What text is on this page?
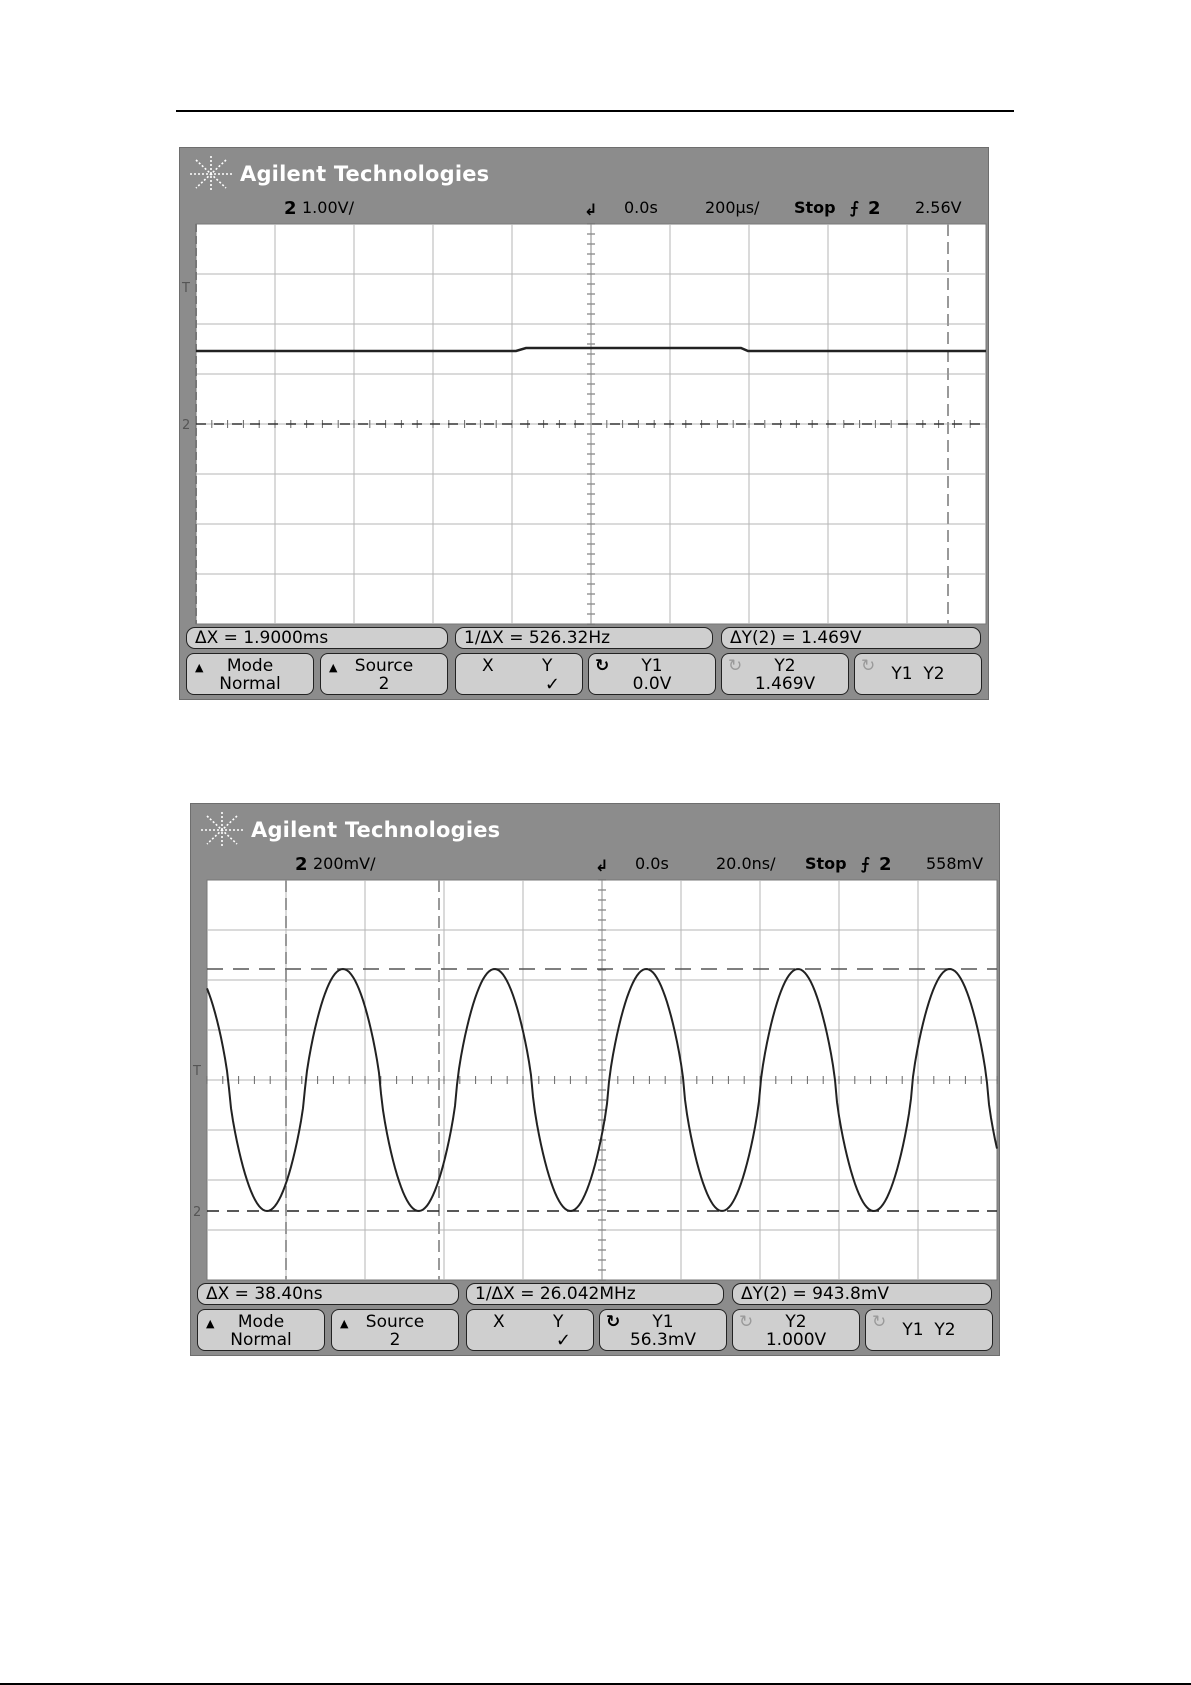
Agilent Technologies
2 1.00V/	↲ 0.0s	200µs/ Stop ⨍ 2 2.56V
T
2
ΔX = 1.9000ms	1/ΔX = 526.32Hz	ΔY(2) = 1.469V
▲	Mode
Normal
▲	Source
2
X	Y
✓
↻	Y1
0.0V
↻	Y2
1.469V
↻ Y1  Y2
Agilent Technologies
2 200mV/	↲ 0.0s	20.0ns/ Stop ⨍ 2 558mV
T
2
ΔX = 38.40ns	1/ΔX = 26.042MHz	ΔY(2) = 943.8mV
▲	Mode
Normal
▲	Source
2
X	Y
✓
↻	Y1
56.3mV
↻	Y2
1.000V
↻ Y1  Y2
